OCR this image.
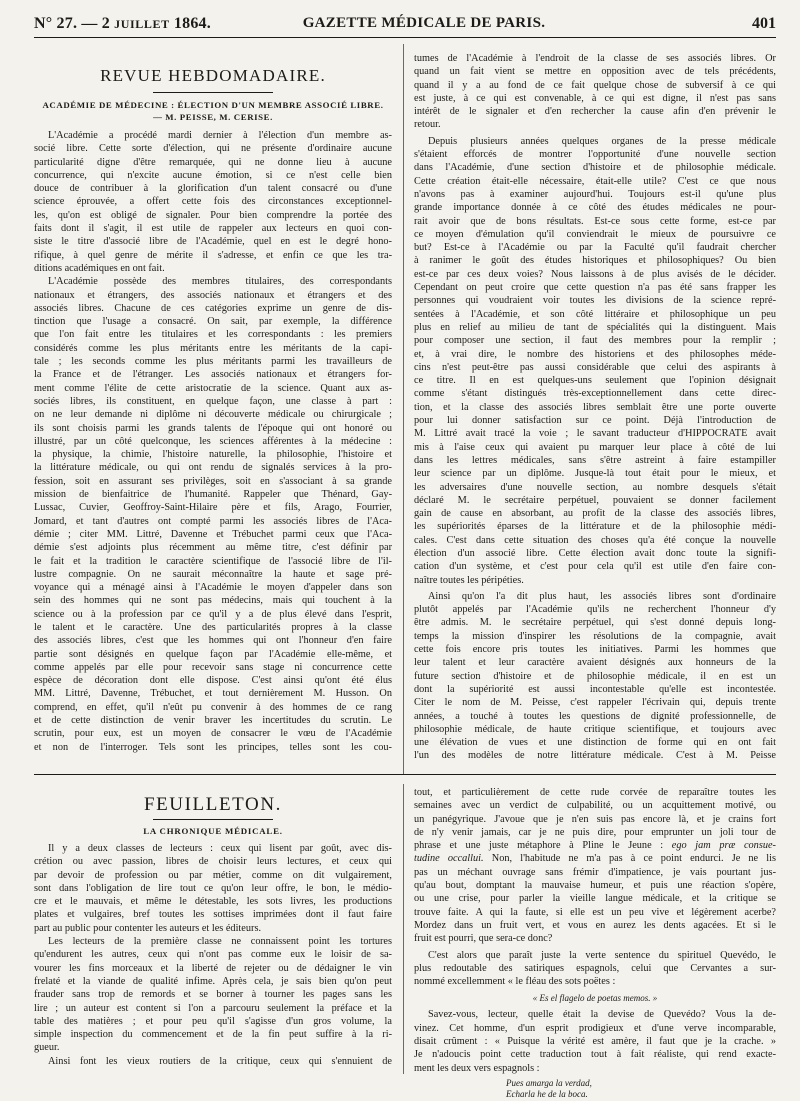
N° 27. — 2 JUILLET 1864.	GAZETTE MÉDICALE DE PARIS.	401
REVUE HEBDOMADAIRE.
ACADÉMIE DE MÉDECINE : ÉLECTION D'UN MEMBRE ASSOCIÉ LIBRE.
— M. PEISSE, M. CERISE.
L'Académie a procédé mardi dernier à l'élection d'un membre as-
socié libre. Cette sorte d'élection, qui ne présente d'ordinaire aucune
particularité digne d'être remarquée, qui ne donne lieu à aucune
concurrence, qui n'excite aucune émotion, si ce n'est celle bien
douce de contribuer à la glorification d'un talent consacré ou d'une
science éprouvée, a offert cette fois des circonstances exceptionnel-
les, qu'on est obligé de signaler. Pour bien comprendre la portée des
faits dont il s'agit, il est utile de rappeler aux lecteurs en quoi con-
siste le titre d'associé libre de l'Académie, quel en est le degré hono-
rifique, à quel genre de mérite il s'adresse, et enfin ce que les tra-
ditions académiques en ont fait.
L'Académie possède des membres titulaires, des correspondants
nationaux et étrangers, des associés nationaux et étrangers et des
associés libres. Chacune de ces catégories exprime un genre de dis-
tinction que l'usage a consacré. On sait, par exemple, la différence
que l'on fait entre les titulaires et les correspondants : les premiers
considérés comme les plus méritants entre les méritants de la capi-
tale ; les seconds comme les plus méritants parmi les travailleurs de
la France et de l'étranger. Les associés nationaux et étrangers for-
ment comme l'élite de cette aristocratie de la science. Quant aux as-
sociés libres, ils constituent, en quelque façon, une classe à part :
on ne leur demande ni diplôme ni découverte médicale ou chirurgicale ;
ils sont choisis parmi les grands talents de l'époque qui ont honoré ou
illustré, par un côté quelconque, les sciences afférentes à la médecine :
la physique, la chimie, l'histoire naturelle, la philosophie, l'histoire et
la littérature médicale, ou qui ont rendu de signalés services à la pro-
fession, soit en assurant ses privilèges, soit en s'associant à sa grande
mission de bienfaitrice de l'humanité. Rappeler que Thénard, Gay-
Lussac, Cuvier, Geoffroy-Saint-Hilaire père et fils, Arago, Fourrier,
Jomard, et tant d'autres ont compté parmi les associés libres de l'Aca-
démie ; citer MM. Littré, Davenne et Trébuchet parmi ceux que l'Aca-
démie s'est adjoints plus récemment au même titre, c'est définir par
le fait et la tradition le caractère scientifique de l'associé libre de l'il-
lustre compagnie. On ne saurait méconnaître la haute et sage pré-
voyance qui a ménagé ainsi à l'Académie le moyen d'appeler dans son
sein des hommes qui ne sont pas médecins, mais qui touchent à la
science ou à la profession par ce qu'il y a de plus élevé dans l'esprit,
le talent et le caractère. Une des particularités propres à la classe
des associés libres, c'est que les hommes qui ont l'honneur d'en faire
partie sont désignés en quelque façon par l'Académie elle-même, et
comme appelés par elle pour recevoir sans stage ni concurrence cette
espèce de décoration dont elle dispose. C'est ainsi qu'ont été élus
MM. Littré, Davenne, Trébuchet, et tout dernièrement M. Husson. On
comprend, en effet, qu'il n'eût pu convenir à des hommes de ce rang
et de cette distinction de venir braver les incertitudes du scrutin. Le
scrutin, pour eux, est un moyen de consacrer le vœu de l'Académie
et non de l'interroger. Tels sont les principes, telles sont les cou-
tumes de l'Académie à l'endroit de la classe de ses associés libres. Or
quand un fait vient se mettre en opposition avec de tels précédents,
quand il y a au fond de ce fait quelque chose de subversif à ce qui
est juste, à ce qui est convenable, à ce qui est digne, il n'est pas sans
intérêt de le signaler et d'en rechercher la cause afin d'en prévenir le
retour.
Depuis plusieurs années quelques organes de la presse médicale
s'étaient efforcés de montrer l'opportunité d'une nouvelle section
dans l'Académie, d'une section d'histoire et de philosophie médicale.
Cette création était-elle nécessaire, était-elle utile? C'est ce que nous
n'avons pas à examiner aujourd'hui. Toujours est-il qu'une plus
grande importance donnée à ce côté des études médicales ne pour-
rait avoir que de bons résultats. Est-ce sous cette forme, est-ce par
ce moyen d'émulation qu'il conviendrait le mieux de poursuivre ce
but? Est-ce à l'Académie ou par la Faculté qu'il faudrait chercher
à ranimer le goût des études historiques et philosophiques? Ou bien
est-ce par ces deux voies? Nous laissons à de plus avisés de le décider.
Cependant on peut croire que cette question n'a pas été sans frapper les
personnes qui voudraient voir toutes les divisions de la science repré-
sentées à l'Académie, et son côté littéraire et philosophique un peu
plus en relief au milieu de tant de spécialités qui la distinguent. Mais
pour composer une section, il faut des membres pour la remplir ;
et, à vrai dire, le nombre des historiens et des philosophes méde-
cins n'est peut-être pas aussi considérable que celui des aspirants à
ce titre. Il en est quelques-uns seulement que l'opinion désignait
comme s'étant distingués très-exceptionnellement dans cette direc-
tion, et la classe des associés libres semblait être une porte ouverte
pour lui donner satisfaction sur ce point. Déjà l'introduction de
M. Littré avait tracé la voie ; le savant traducteur d'HIPPOCRATE avait
mis à l'aise ceux qui avaient pu marquer leur place à côté de lui
dans les lettres médicales, sans s'être astreint à faire estampiller
leur science par un diplôme. Jusque-là tout était pour le mieux, et
les adversaires d'une nouvelle section, au nombre desquels s'était
déclaré M. le secrétaire perpétuel, pouvaient se donner facilement
gain de cause en absorbant, au profit de la classe des associés libres,
les supériorités éparses de la littérature et de la philosophie médi-
cales. C'est dans cette situation des choses qu'a été conçue la nouvelle
élection d'un associé libre. Cette élection avait donc toute la signifi-
cation d'un système, et c'est pour cela qu'il est utile d'en faire con-
naître toutes les péripéties.
Ainsi qu'on l'a dit plus haut, les associés libres sont d'ordinaire
plutôt appelés par l'Académie qu'ils ne recherchent l'honneur d'y
être admis. M. le secrétaire perpétuel, qui s'est donné depuis long-
temps la mission d'inspirer les résolutions de la compagnie, avait
cette fois encore pris toutes les initiatives. Parmi les hommes que
leur talent et leur caractère avaient désignés aux honneurs de la
future section d'histoire et de philosophie médicale, il en est un
dont la supériorité est aussi incontestable qu'elle est incontestée.
Citer le nom de M. Peisse, c'est rappeler l'écrivain qui, depuis trente
années, a touché à toutes les questions de dignité professionnelle, de
philosophie médicale, de haute critique scientifique, et toujours avec
une élévation de vues et une distinction de forme qui en ont fait
l'un des modèles de notre littérature médicale. C'est à M. Peisse
FEUILLETON.
LA CHRONIQUE MÉDICALE.
Il y a deux classes de lecteurs : ceux qui lisent par goût, avec dis-
crétion ou avec passion, libres de choisir leurs lectures, et ceux qui
par devoir de profession ou par métier, comme on dit vulgairement,
sont dans l'obligation de lire tout ce qu'on leur offre, le bon, le médio-
cre et le mauvais, et même le détestable, les sots livres, les productions
plates et vulgaires, bref toutes les sottises imprimées dont il faut faire
part au public pour contenter les auteurs et les éditeurs.
Les lecteurs de la première classe ne connaissent point les tortures
qu'endurent les autres, ceux qui n'ont pas comme eux le loisir de sa-
vourer les fins morceaux et la liberté de rejeter ou de dédaigner le vin
frelaté et la viande de qualité infime. Après cela, je sais bien qu'on peut
frauder sans trop de remords et se borner à tourner les pages sans les
lire ; un auteur est content si l'on a parcouru seulement la préface et la
table des matières ; et pour peu qu'il s'agisse d'un gros volume, la
simple inspection du commencement et de la fin peut suffire à la ri-
gueur.
Ainsi font les vieux routiers de la critique, ceux qui s'ennuient de
tout, et particulièrement de cette rude corvée de reparaître toutes les
semaines avec un verdict de culpabilité, ou un acquittement motivé, ou
un panégyrique. J'avoue que je n'en suis pas encore là, et je crains fort
de n'y venir jamais, car je ne puis dire, pour emprunter un joli tour de
phrase et une juste métaphore à Pline le Jeune : ego jam præ consue-
tudine occallui. Non, l'habitude ne m'a pas à ce point endurci. Je ne lis
pas un méchant ouvrage sans frémir d'impatience, je vais pourtant jus-
qu'au bout, domptant la mauvaise humeur, et puis une réaction s'opère,
ou une crise, pour parler la vieille langue médicale, et la critique se
trouve faite. A qui la faute, si elle est un peu vive et légèrement acerbe?
Mordez dans un fruit vert, et vous en aurez les dents agacées. Et si le
fruit est pourri, que sera-ce donc?
C'est alors que paraît juste la verte sentence du spirituel Quevédo, le
plus redoutable des satiriques espagnols, celui que Cervantes a sur-
nommé excellemment « le fléau des sots poëtes :
« Es el flagelo de poetas memos. »
Savez-vous, lecteur, quelle était la devise de Quevédo? Vous la de-
vinez. Cet homme, d'un esprit prodigieux et d'une verve incomparable,
disait crûment : « Puisque la vérité est amère, il faut que je la crache. »
Je n'adoucis point cette traduction tout à fait réaliste, qui rend exacte-
ment les deux vers espagnols :
Pues amarga la verdad,
Echarla he de la boca.
